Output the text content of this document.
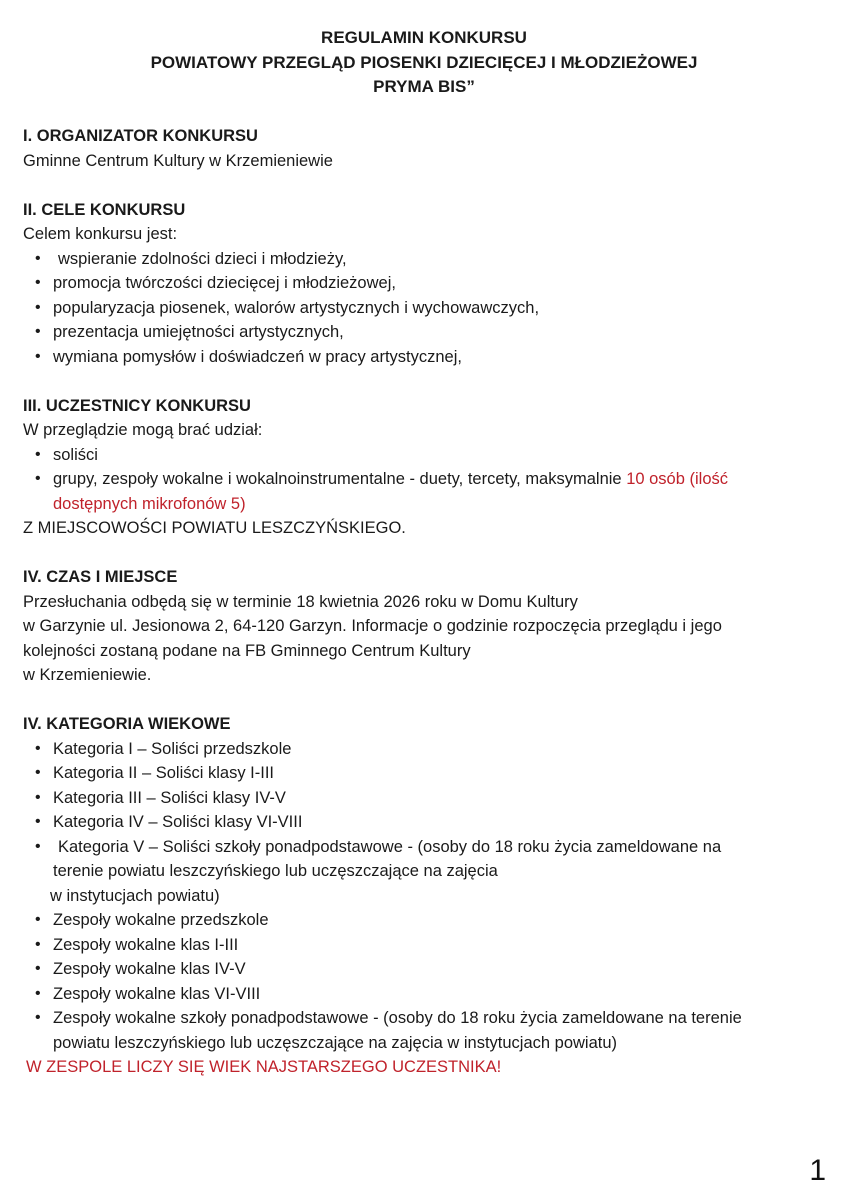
REGULAMIN KONKURSU
POWIATOWY PRZEGLĄD PIOSENKI DZIECIĘCEJ I MŁODZIEŻOWEJ
PRYMA BIS”
I. ORGANIZATOR KONKURSU
Gminne Centrum Kultury w Krzemieniewie
II. CELE KONKURSU
Celem konkursu jest:
• wspieranie zdolności dzieci i młodzieży,
• promocja twórczości dziecięcej i młodzieżowej,
• popularyzacja piosenek, walorów artystycznych i wychowawczych,
• prezentacja umiejętności artystycznych,
• wymiana pomysłów i doświadczeń w pracy artystycznej,
III. UCZESTNICY KONKURSU
W przeglądzie mogą brać udział:
• soliści
• grupy, zespoły wokalne i wokalnoinstrumentalne - duety, tercety, maksymalnie 10 osób (ilość
dostępnych mikrofonów 5)
Z MIEJSCOWOŚCI POWIATU LESZCZYŃSKIEGO.
IV. CZAS I MIEJSCE
Przesłuchania odbędą się w terminie 18 kwietnia 2026 roku w Domu Kultury
w Garzynie ul. Jesionowa 2, 64-120 Garzyn. Informacje o godzinie rozpoczęcia przeglądu i jego
kolejności zostaną podane na FB Gminnego Centrum Kultury
w Krzemieniewie.
IV. KATEGORIA WIEKOWE
• Kategoria I – Soliści przedszkole
• Kategoria II – Soliści klasy I-III
• Kategoria III – Soliści klasy IV-V
• Kategoria IV – Soliści klasy VI-VIII
• Kategoria V – Soliści szkoły ponadpodstawowe - (osoby do 18 roku życia zameldowane na
terenie powiatu leszczyńskiego lub uczęszczające na zajęcia
w instytucjach powiatu)
• Zespoły wokalne przedszkole
• Zespoły wokalne klas I-III
• Zespoły wokalne klas IV-V
• Zespoły wokalne klas VI-VIII
• Zespoły wokalne szkoły ponadpodstawowe - (osoby do 18 roku życia zameldowane na terenie
powiatu leszczyńskiego lub uczęszczające na zajęcia w instytucjach powiatu)
W ZESPOLE LICZY SIĘ WIEK NAJSTARSZEGO UCZESTNIKA!
1
